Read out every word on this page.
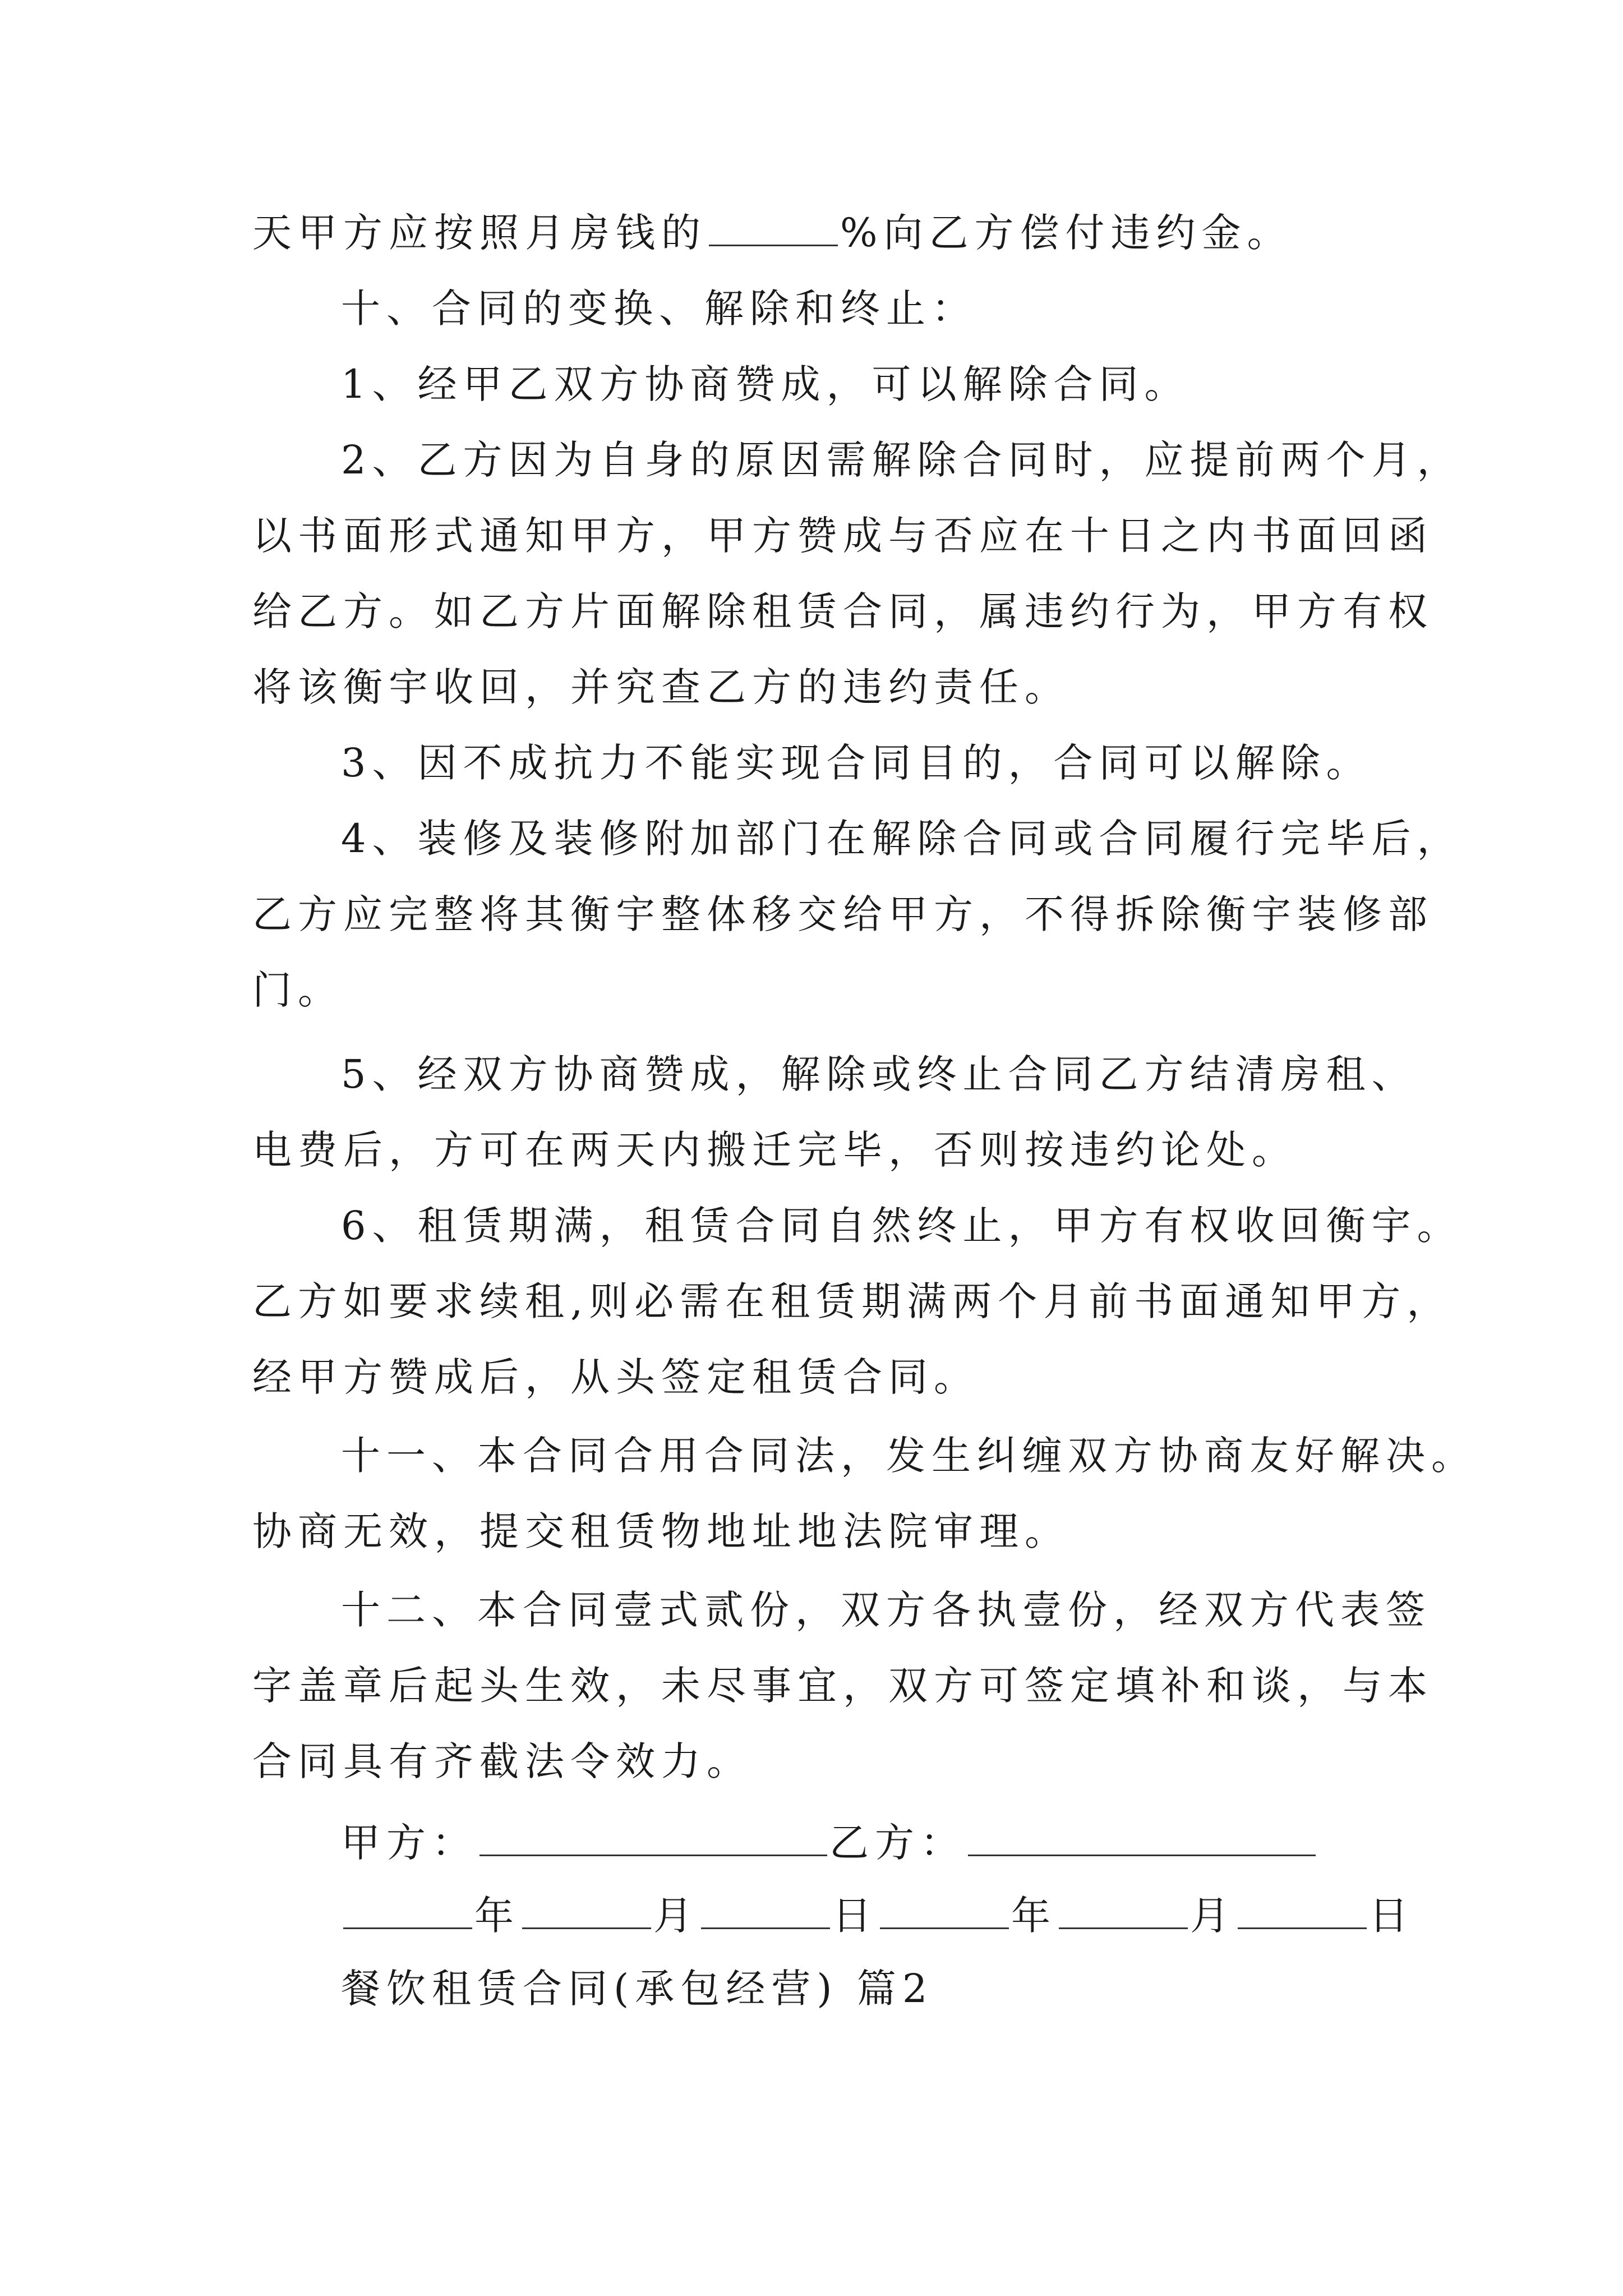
天甲方应按照月房钱的	%向乙方偿付违约金。
十、合同的变换、解除和终止：
1、经甲乙双方协商赞成，可以解除合同。
2、乙方因为自身的原因需解除合同时，应提前两个月，
以书面形式通知甲方，甲方赞成与否应在十日之内书面回函
给乙方。如乙方片面解除租赁合同，属违约行为，甲方有权
将该衡宇收回，并究查乙方的违约责任。
3、因不成抗力不能实现合同目的，合同可以解除。
4、装修及装修附加部门在解除合同或合同履行完毕后，
乙方应完整将其衡宇整体移交给甲方，不得拆除衡宇装修部
门。
5、经双方协商赞成，解除或终止合同乙方结清房租、
电费后，方可在两天内搬迁完毕，否则按违约论处。
6、租赁期满，租赁合同自然终止，甲方有权收回衡宇。
乙方如要求续租,则必需在租赁期满两个月前书面通知甲方，
经甲方赞成后，从头签定租赁合同。
十一、本合同合用合同法，发生纠缠双方协商友好解决。
协商无效，提交租赁物地址地法院审理。
十二、本合同壹式贰份，双方各执壹份，经双方代表签
字盖章后起头生效，未尽事宜，双方可签定填补和谈，与本
合同具有齐截法令效力。
甲方：	乙方：
年	月	日	年	月	日
餐饮租赁合同(承包经营) 篇2
